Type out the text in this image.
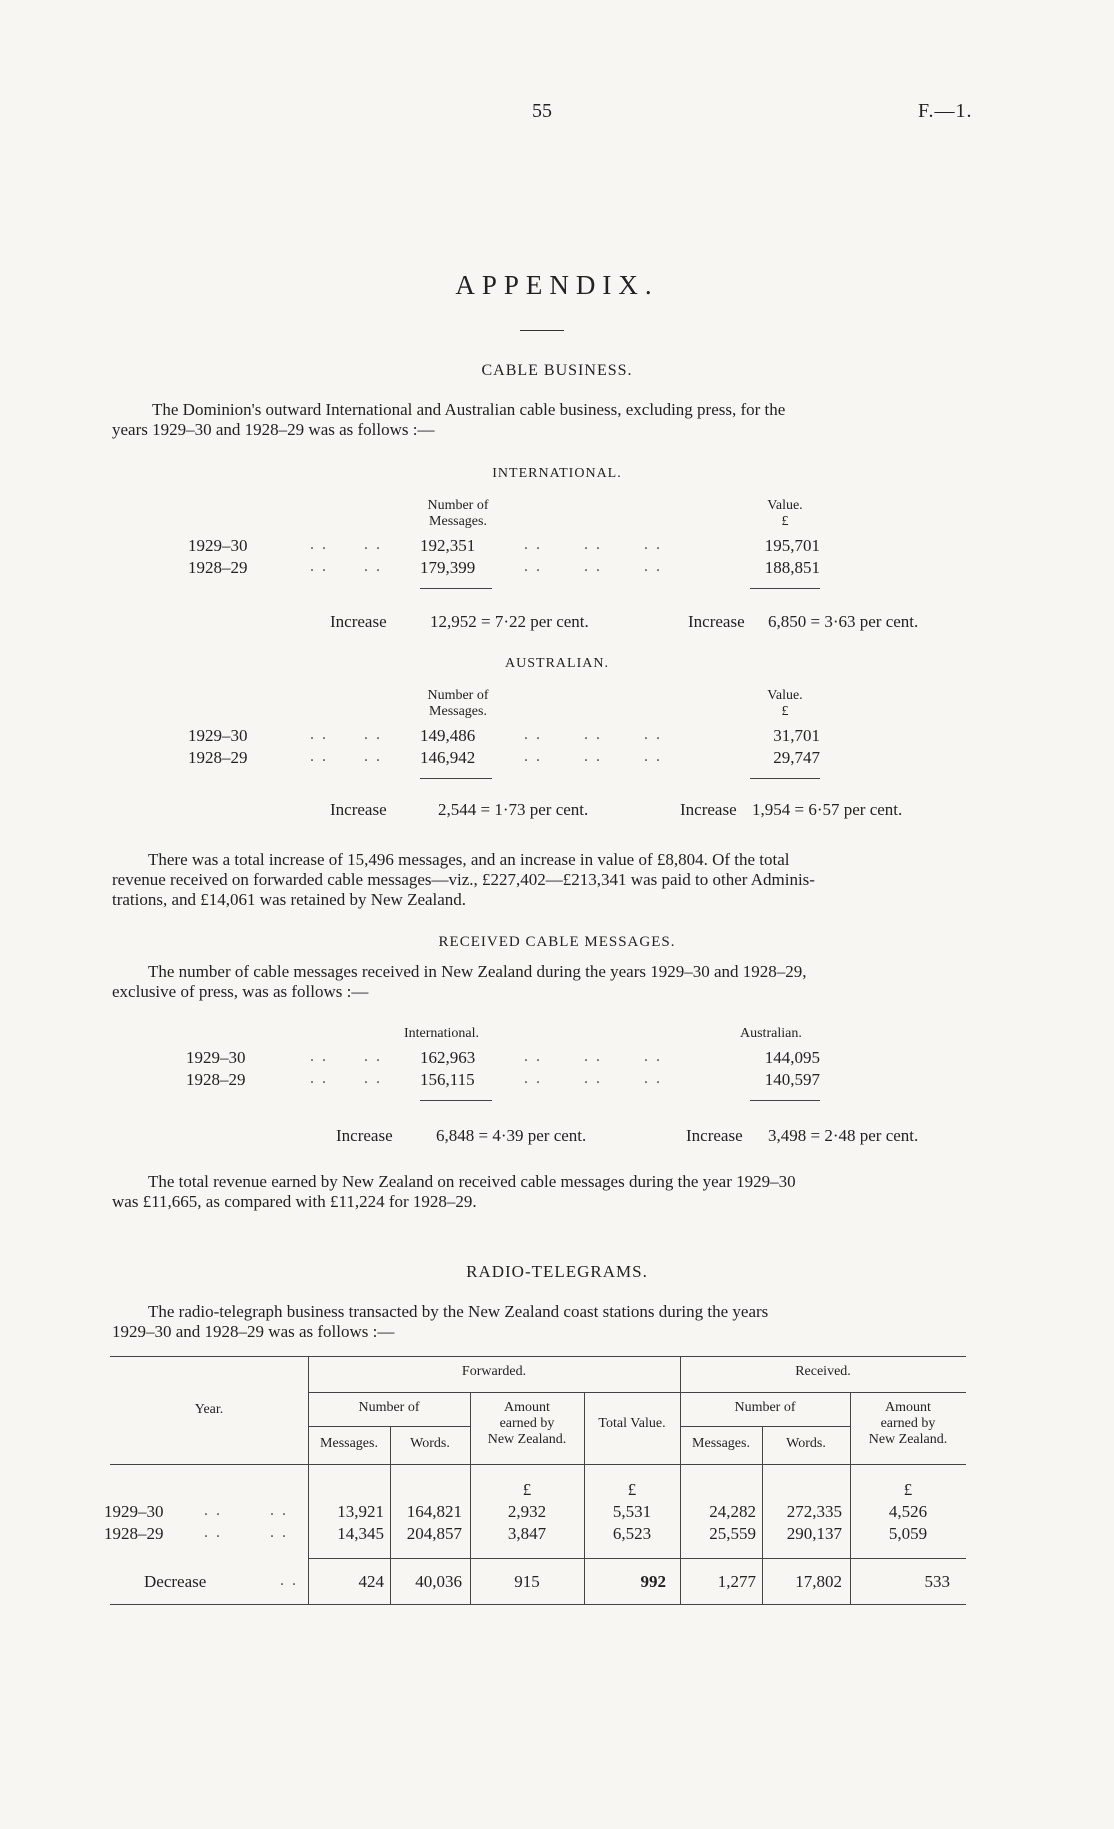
55	F.—1.
APPENDIX.
CABLE BUSINESS.
The Dominion's outward International and Australian cable business, excluding press, for the
years 1929–30 and 1928–29 was as follows :—
INTERNATIONAL.
Number of
Messages.
Value.
£
1929–30	. .      . . 192,351	. .       . .       . .	195,701
1928–29	. .      . . 179,399	. .       . .       . .	188,851
Increase	12,952 = 7·22 per cent.	Increase 6,850 = 3·63 per cent.
AUSTRALIAN.
Number of
Messages.
Value.
£
1929–30	. .      . . 149,486	. .       . .       . .	31,701
1928–29	. .      . . 146,942	. .       . .       . .	29,747
Increase	2,544 = 1·73 per cent.	Increase 1,954 = 6·57 per cent.
There was a total increase of 15,496 messages, and an increase in value of £8,804. Of the total
revenue received on forwarded cable messages—viz., £227,402—£213,341 was paid to other Adminis-
trations, and £14,061 was retained by New Zealand.
RECEIVED CABLE MESSAGES.
The number of cable messages received in New Zealand during the years 1929–30 and 1928–29,
exclusive of press, was as follows :—
International.	Australian.
1929–30	. .      . . 162,963	. .       . .       . .	144,095
1928–29	. .      . . 156,115	. .       . .       . .	140,597
Increase	6,848 = 4·39 per cent.	Increase 3,498 = 2·48 per cent.
The total revenue earned by New Zealand on received cable messages during the year 1929–30
was £11,665, as compared with £11,224 for 1928–29.
RADIO-TELEGRAMS.
The radio-telegraph business transacted by the New Zealand coast stations during the years
1929–30 and 1928–29 was as follows :—
Year.
Forwarded.	Received.
Number of
Messages.	Words.
Amount
earned by
New Zealand.
Total Value.
Number of
Messages.	Words.
Amount
earned by
New Zealand.
£	£	£
1929–30	. .        . .	13,921	164,821	2,932	5,531	24,282	272,335	4,526
1928–29	. .        . .	14,345	204,857	3,847	6,523	25,559	290,137	5,059
Decrease	. .	424	40,036	915	992	1,277	17,802	533
